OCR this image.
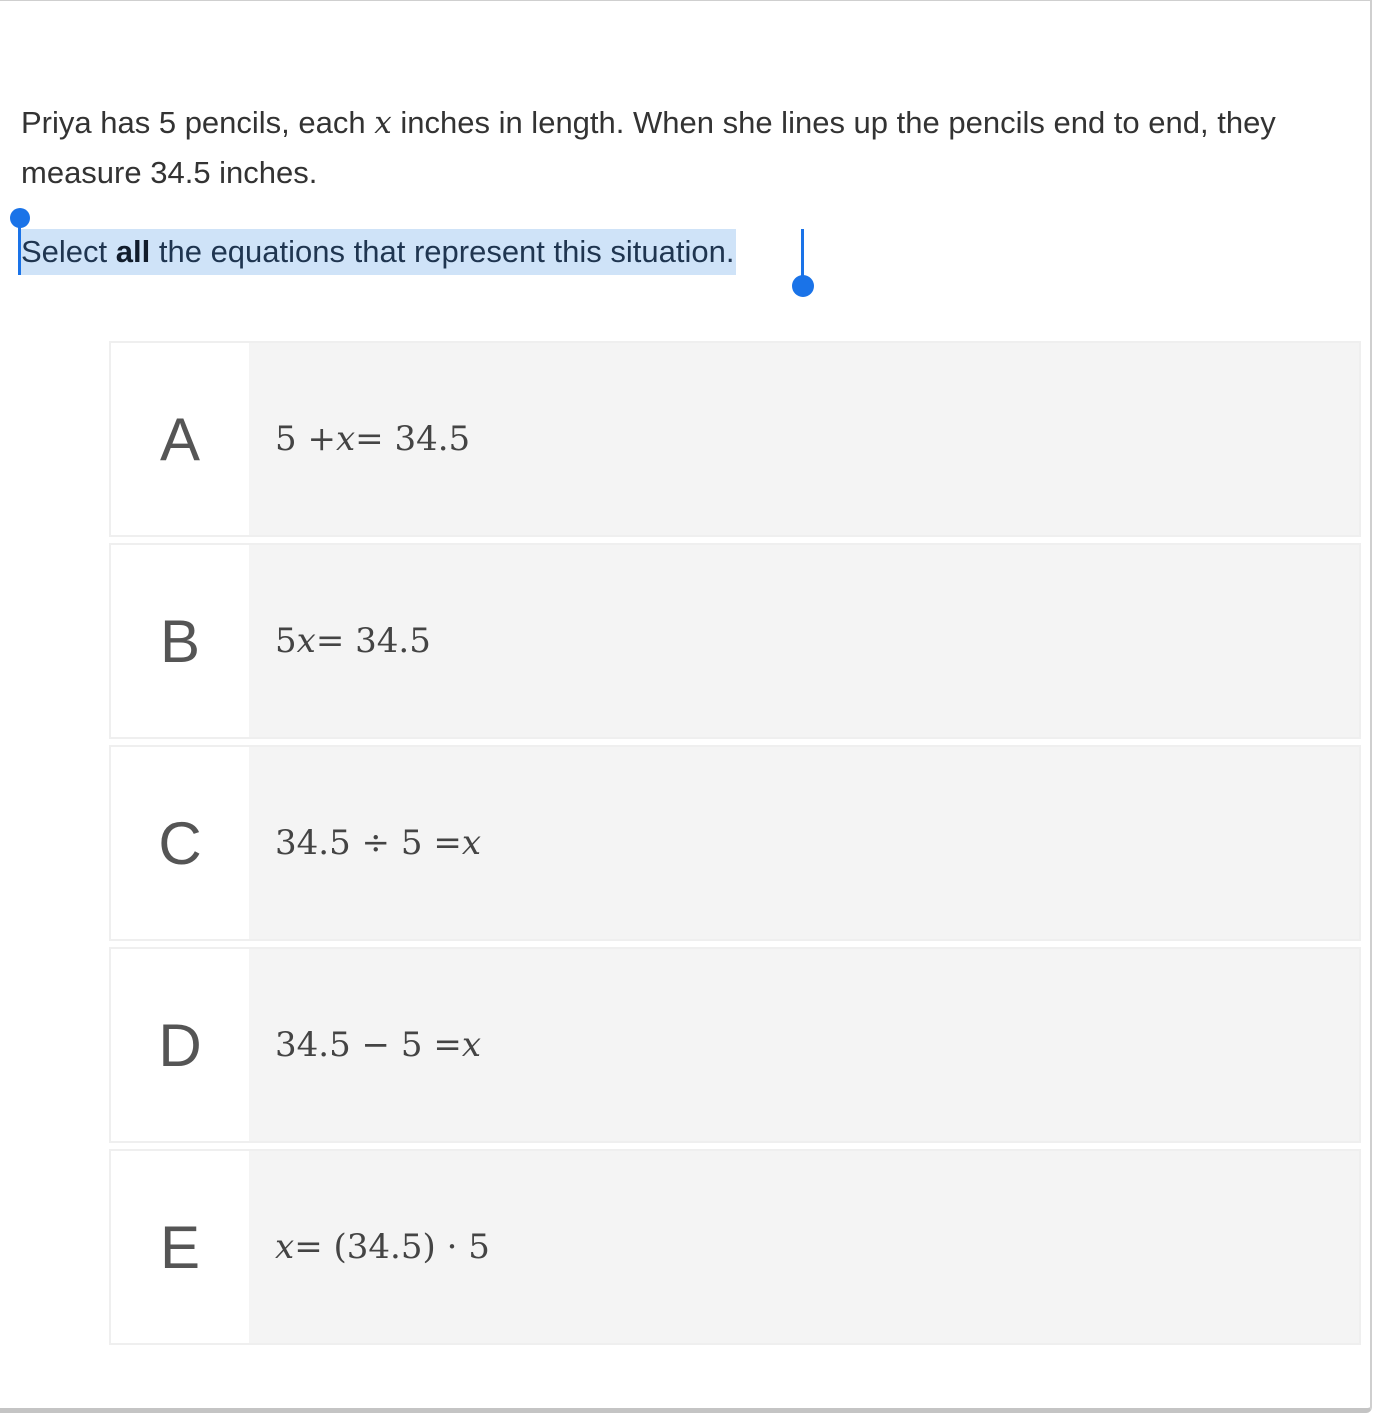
Priya has 5 pencils, each x inches in length. When she lines up the pencils end to end, they measure 34.5 inches.
Select all the equations that represent this situation.
A	5 + x = 34.5
B	5 x = 34.5
C	34.5 ÷ 5 = x
D	34.5 − 5 = x
E	x = (34.5) · 5
